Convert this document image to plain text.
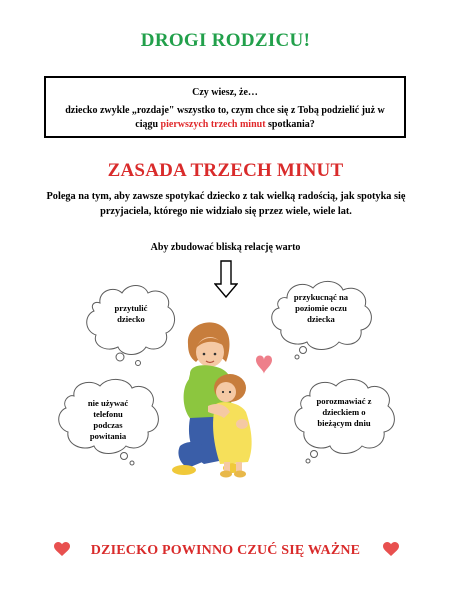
DROGI RODZICU!
Czy wiesz, że…
dziecko zwykle „rozdaje" wszystko to, czym chce się z Tobą podzielić już w ciągu pierwszych trzech minut spotkania?
ZASADA TRZECH MINUT
Polega na tym, aby zawsze spotykać dziecko z tak wielką radością, jak spotyka się przyjaciela, którego nie widziało się przez wiele, wiele lat.
Aby zbudować bliską relację warto
przytulić dziecko
przykucnąć na poziomie oczu dziecka
nie używać telefonu podczas powitania
porozmawiać z dzieckiem o bieżącym dniu
DZIECKO POWINNO CZUĆ SIĘ WAŻNE
